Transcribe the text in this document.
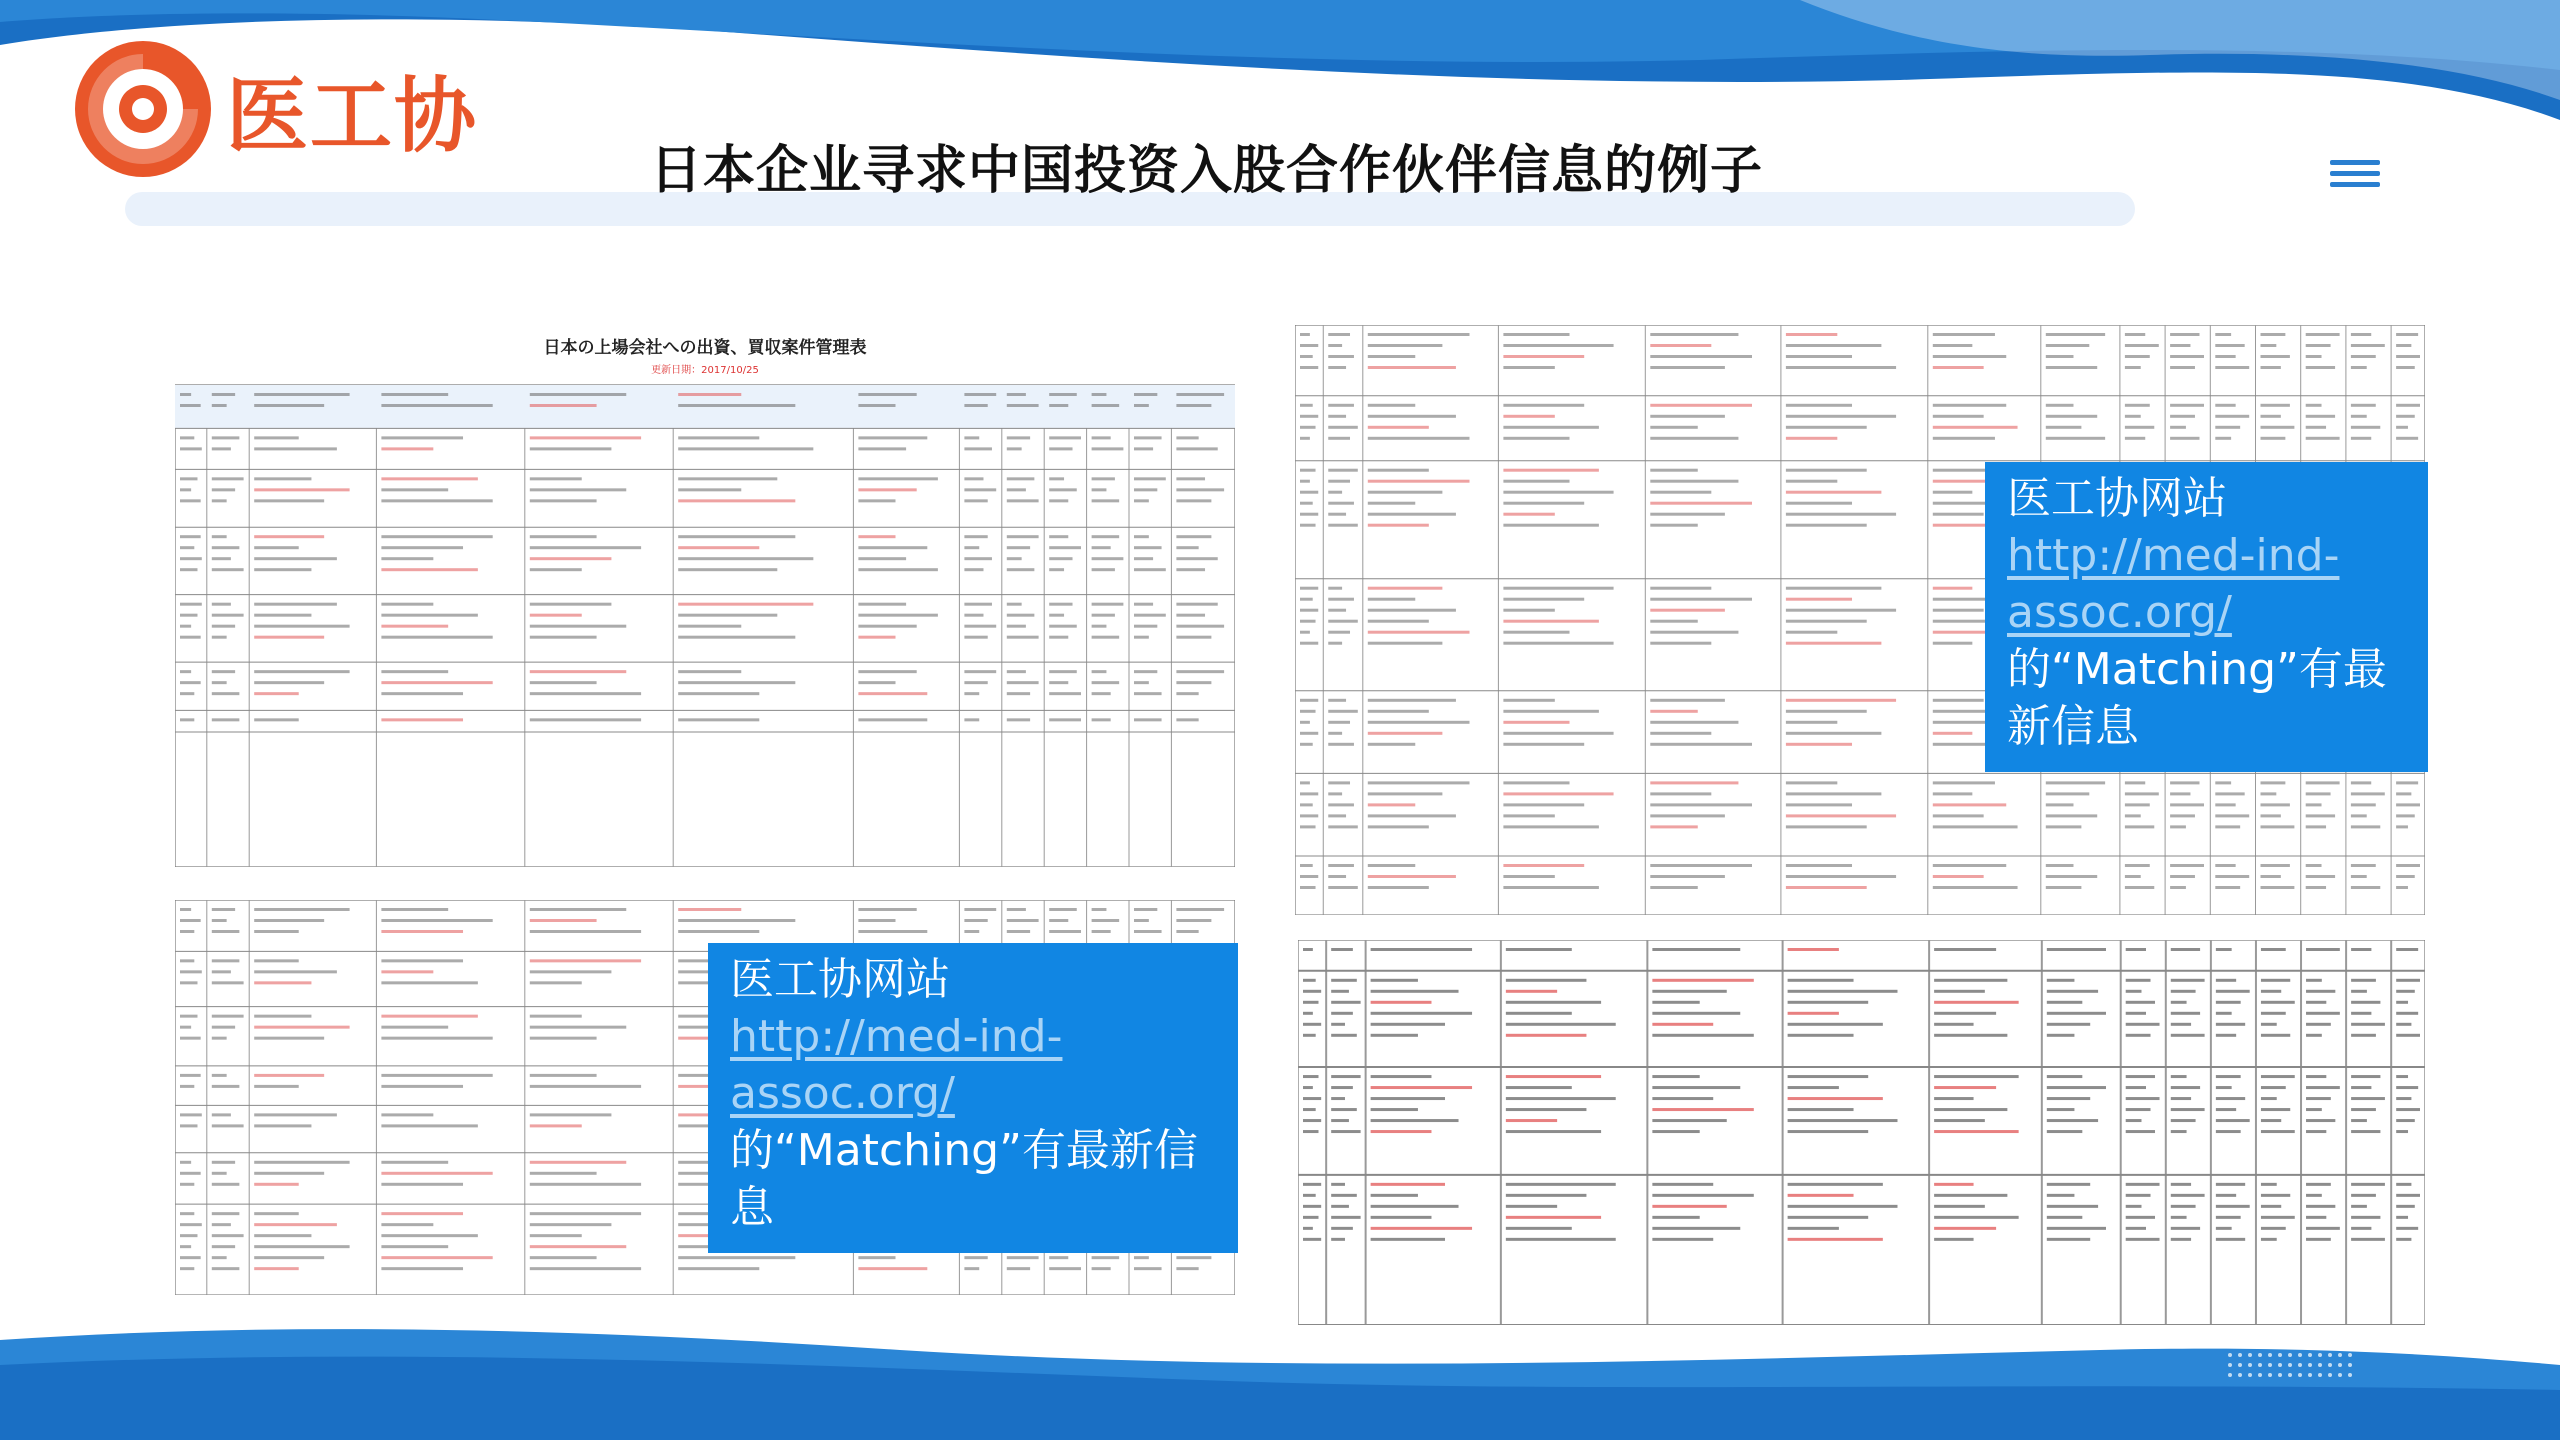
医工协
日本企业寻求中国投资入股合作伙伴信息的例子
日本の上場会社への出資、買収案件管理表
更新日期：2017/10/25
医工协网站
http://med-ind-assoc.org/
的“Matching”有最新信息
医工协网站
http://med-ind-assoc.org/
的“Matching”有最新信息
